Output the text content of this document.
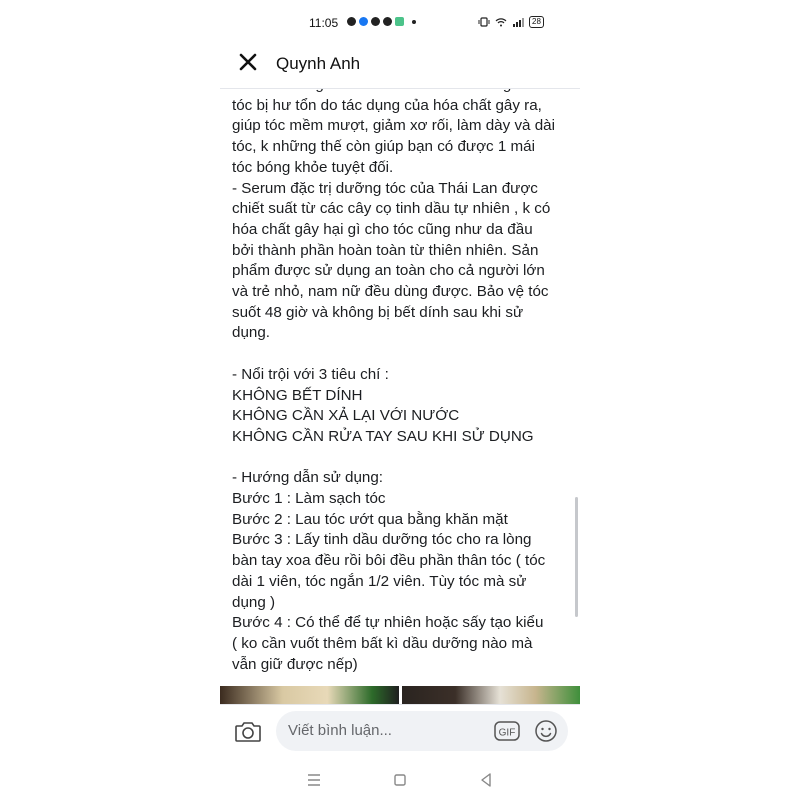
11:05	28
Quynh Anh

tóc bị hư tổn do tác dụng của hóa chất gây ra,
giúp tóc mềm mượt, giảm xơ rối, làm dày và dài
tóc, k những thế còn giúp bạn có được 1 mái
tóc bóng khỏe tuyệt đối.
- Serum đặc trị dưỡng tóc của Thái Lan được
chiết suất từ các cây cọ tinh dầu tự nhiên , k có
hóa chất gây hại gì cho tóc cũng như da đầu
bởi thành phần hoàn toàn từ thiên nhiên. Sản
phẩm được sử dụng an toàn cho cả người lớn
và trẻ nhỏ, nam nữ đều dùng được. Bảo vệ tóc
suốt 48 giờ và không bị bết dính sau khi sử
dụng.

- Nổi trội với 3 tiêu chí :
KHÔNG BẾT DÍNH
KHÔNG CẦN XẢ LẠI VỚI NƯỚC
KHÔNG CẦN RỬA TAY SAU KHI SỬ DỤNG

- Hướng dẫn sử dụng:
Bước 1 : Làm sạch tóc
Bước 2 : Lau tóc ướt qua bằng khăn mặt
Bước 3 : Lấy tinh dầu dưỡng tóc cho ra lòng
bàn tay xoa đều rồi bôi đều phần thân tóc ( tóc
dài 1 viên, tóc ngắn 1/2 viên. Tùy tóc mà sử
dụng )
Bước 4 : Có thể để tự nhiên hoặc sấy tạo kiểu
( ko cần vuốt thêm bất kì dầu dưỡng nào mà
vẫn giữ được nếp)
Viết bình luận...	GIF
